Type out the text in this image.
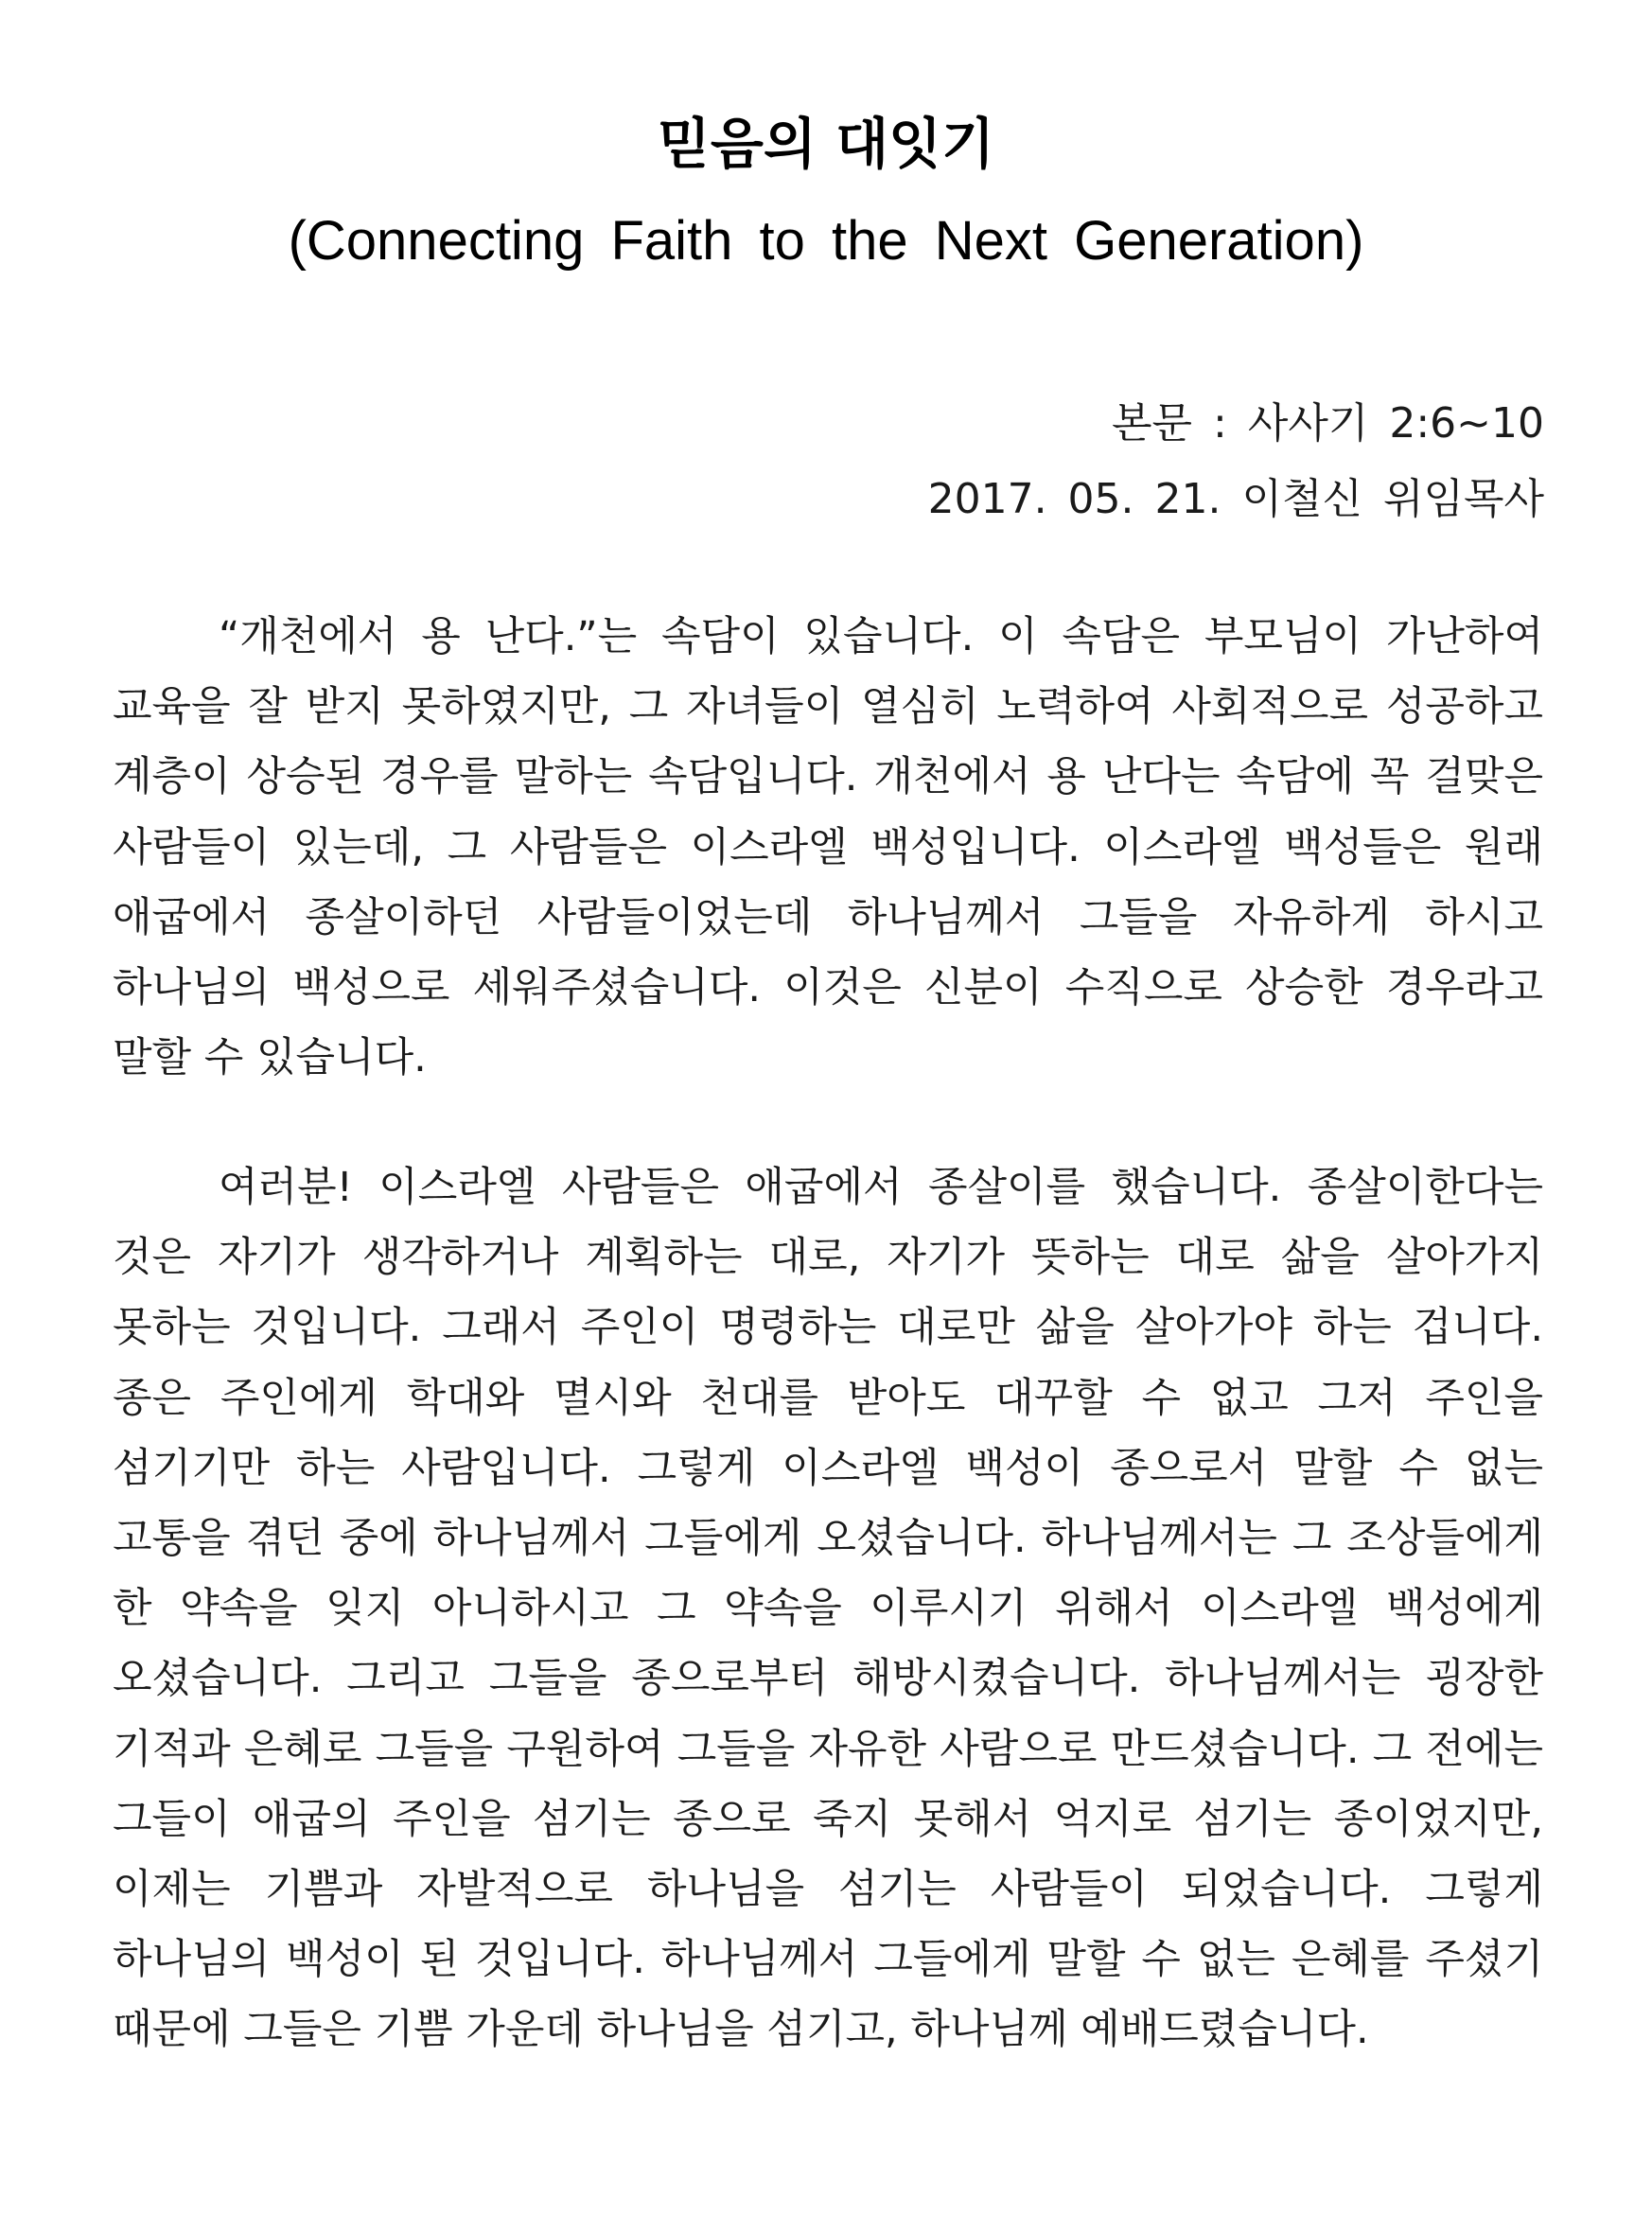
믿음의 대잇기
(Connecting Faith to the Next Generation)
본문 : 사사기 2:6~10
2017. 05. 21. 이철신 위임목사

“개천에서 용 난다.”는 속담이 있습니다. 이 속담은 부모님이 가난하여 교육을 잘 받지 못하였지만, 그 자녀들이 열심히 노력하여 사회적으로 성공하고 계층이 상승된 경우를 말하는 속담입니다. 개천에서 용 난다는 속담에 꼭 걸맞은 사람들이 있는데, 그 사람들은 이스라엘 백성입니다. 이스라엘 백성들은 원래 애굽에서 종살이하던 사람들이었는데 하나님께서 그들을 자유하게 하시고 하나님의 백성으로 세워주셨습니다. 이것은 신분이 수직으로 상승한 경우라고 말할 수 있습니다.

여러분! 이스라엘 사람들은 애굽에서 종살이를 했습니다. 종살이한다는 것은 자기가 생각하거나 계획하는 대로, 자기가 뜻하는 대로 삶을 살아가지 못하는 것입니다. 그래서 주인이 명령하는 대로만 삶을 살아가야 하는 겁니다. 종은 주인에게 학대와 멸시와 천대를 받아도 대꾸할 수 없고 그저 주인을 섬기기만 하는 사람입니다. 그렇게 이스라엘 백성이 종으로서 말할 수 없는 고통을 겪던 중에 하나님께서 그들에게 오셨습니다. 하나님께서는 그 조상들에게 한 약속을 잊지 아니하시고 그 약속을 이루시기 위해서 이스라엘 백성에게 오셨습니다. 그리고 그들을 종으로부터 해방시켰습니다. 하나님께서는 굉장한 기적과 은혜로 그들을 구원하여 그들을 자유한 사람으로 만드셨습니다. 그 전에는 그들이 애굽의 주인을 섬기는 종으로 죽지 못해서 억지로 섬기는 종이었지만, 이제는 기쁨과 자발적으로 하나님을 섬기는 사람들이 되었습니다. 그렇게 하나님의 백성이 된 것입니다. 하나님께서 그들에게 말할 수 없는 은혜를 주셨기 때문에 그들은 기쁨 가운데 하나님을 섬기고, 하나님께 예배드렸습니다.
